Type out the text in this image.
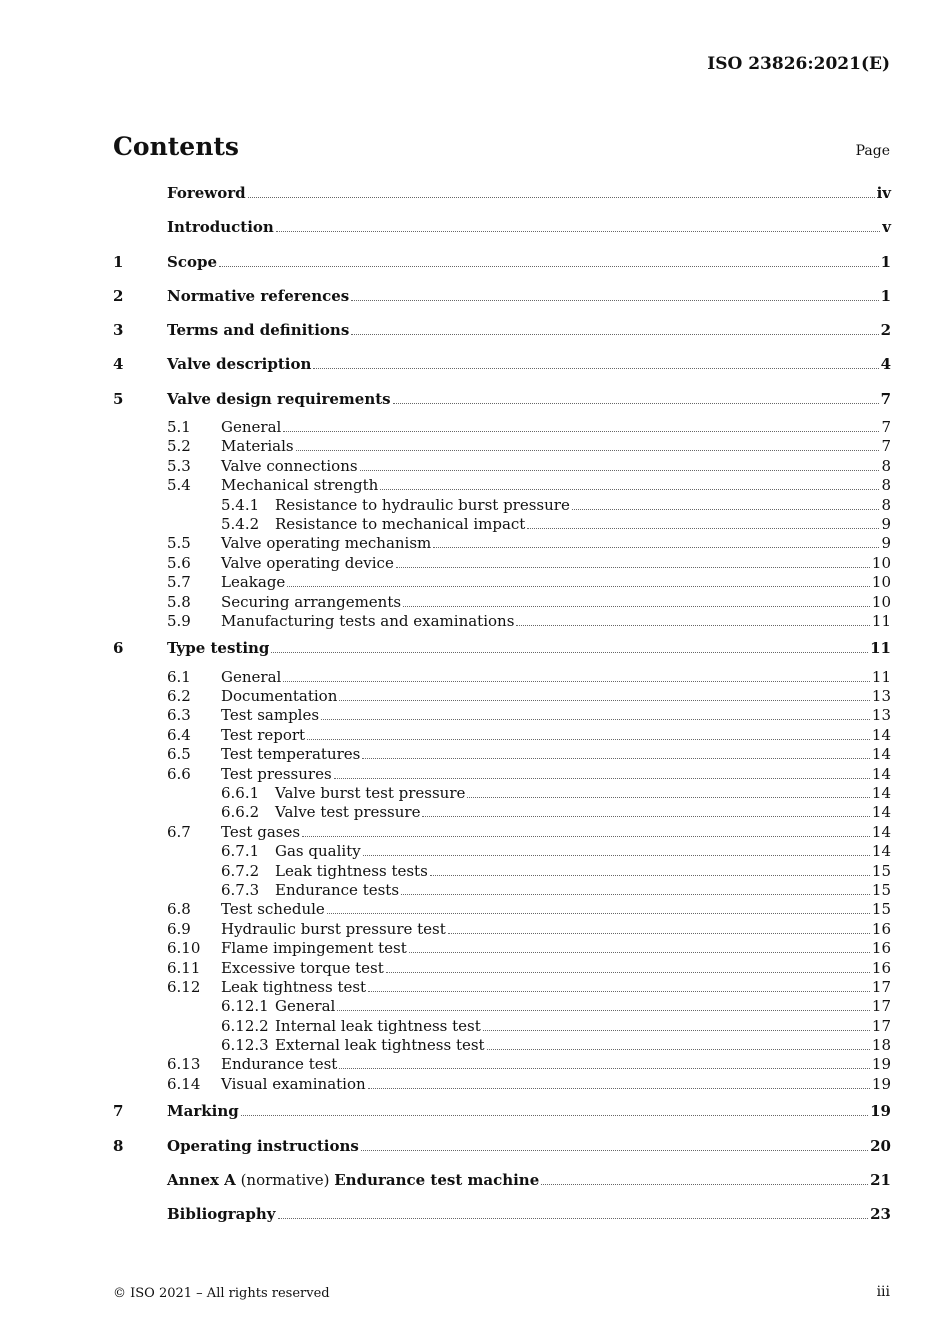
ISO 23826:2021(E)
Contents	Page
Foreword	iv
Introduction	v
1	Scope	1
2	Normative references	1
3	Terms and definitions	2
4	Valve description	4
5	Valve design requirements	7
5.1	General	7
5.2	Materials	7
5.3	Valve connections	8
5.4	Mechanical strength	8
5.4.1	Resistance to hydraulic burst pressure	8
5.4.2	Resistance to mechanical impact	9
5.5	Valve operating mechanism	9
5.6	Valve operating device	10
5.7	Leakage	10
5.8	Securing arrangements	10
5.9	Manufacturing tests and examinations	11
6	Type testing	11
6.1	General	11
6.2	Documentation	13
6.3	Test samples	13
6.4	Test report	14
6.5	Test temperatures	14
6.6	Test pressures	14
6.6.1	Valve burst test pressure	14
6.6.2	Valve test pressure	14
6.7	Test gases	14
6.7.1	Gas quality	14
6.7.2	Leak tightness tests	15
6.7.3	Endurance tests	15
6.8	Test schedule	15
6.9	Hydraulic burst pressure test	16
6.10	Flame impingement test	16
6.11	Excessive torque test	16
6.12	Leak tightness test	17
6.12.1 General	17
6.12.2 Internal leak tightness test	17
6.12.3 External leak tightness test	18
6.13	Endurance test	19
6.14	Visual examination	19
7	Marking	19
8	Operating instructions	20
Annex A (normative) Endurance test machine	21
Bibliography	23
© ISO 2021 – All rights reserved	iii
